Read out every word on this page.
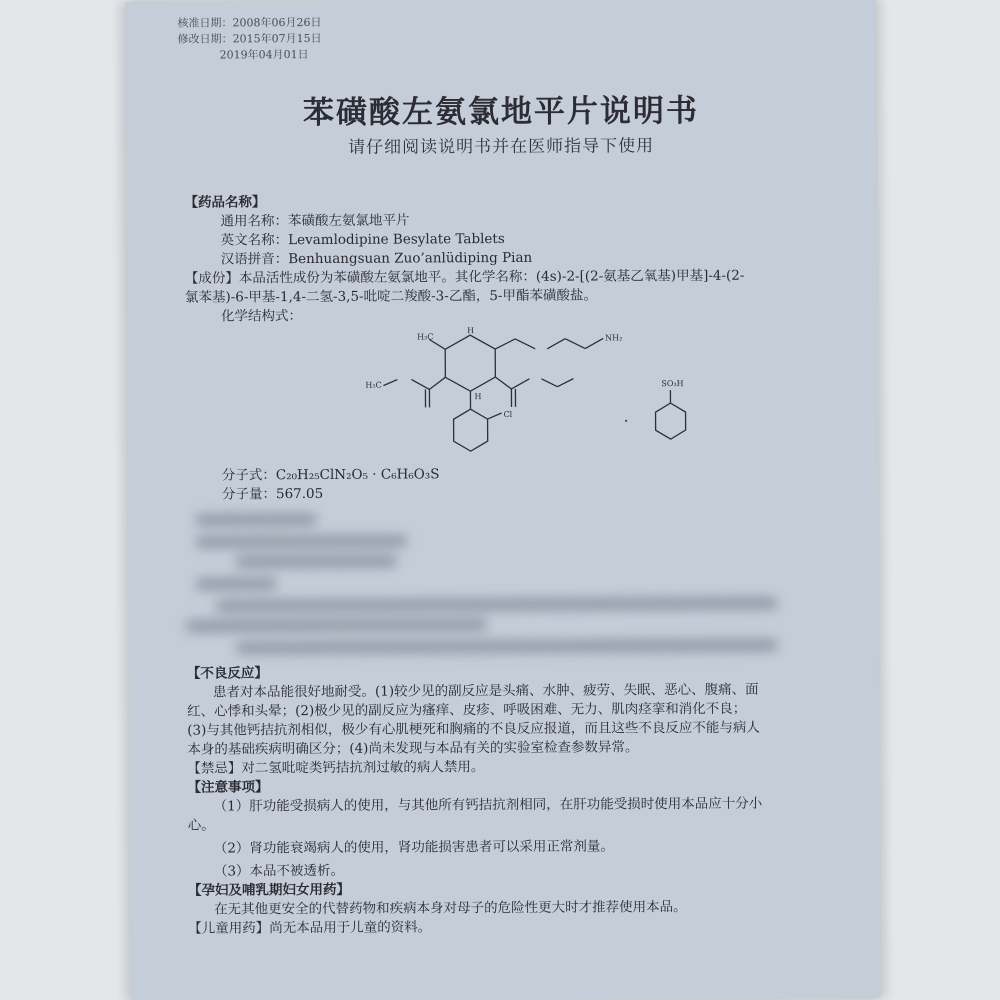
核准日期：2008年06月26日
修改日期：2015年07月15日
2019年04月01日
苯磺酸左氨氯地平片说明书
请仔细阅读说明书并在医师指导下使用
【药品名称】
通用名称：苯磺酸左氨氯地平片
英文名称：Levamlodipine Besylate Tablets
汉语拼音：Benhuangsuan Zuo’anlüdiping Pian
【成份】本品活性成份为苯磺酸左氨氯地平。其化学名称：(4s)-2-[(2-氨基乙氧基)甲基]-4-(2-
氯苯基)-6-甲基-1,4-二氢-3,5-吡啶二羧酸-3-乙酯，5-甲酯苯磺酸盐。
化学结构式：
H₃C
H
NH₂
H₃C
Cl
H
SO₃H
·
分子式：C₂₀H₂₅ClN₂O₅ · C₆H₆O₃S
分子量：567.05
【不良反应】
患者对本品能很好地耐受。(1)较少见的副反应是头痛、水肿、疲劳、失眠、恶心、腹痛、面
红、心悸和头晕；(2)极少见的副反应为瘙痒、皮疹、呼吸困难、无力、肌肉痉挛和消化不良；
(3)与其他钙拮抗剂相似，极少有心肌梗死和胸痛的不良反应报道，而且这些不良反应不能与病人
本身的基础疾病明确区分；(4)尚未发现与本品有关的实验室检查参数异常。
【禁忌】对二氢吡啶类钙拮抗剂过敏的病人禁用。
【注意事项】
（1）肝功能受损病人的使用，与其他所有钙拮抗剂相同，在肝功能受损时使用本品应十分小
心。
（2）肾功能衰竭病人的使用，肾功能损害患者可以采用正常剂量。
（3）本品不被透析。
【孕妇及哺乳期妇女用药】
在无其他更安全的代替药物和疾病本身对母子的危险性更大时才推荐使用本品。
【儿童用药】尚无本品用于儿童的资料。
